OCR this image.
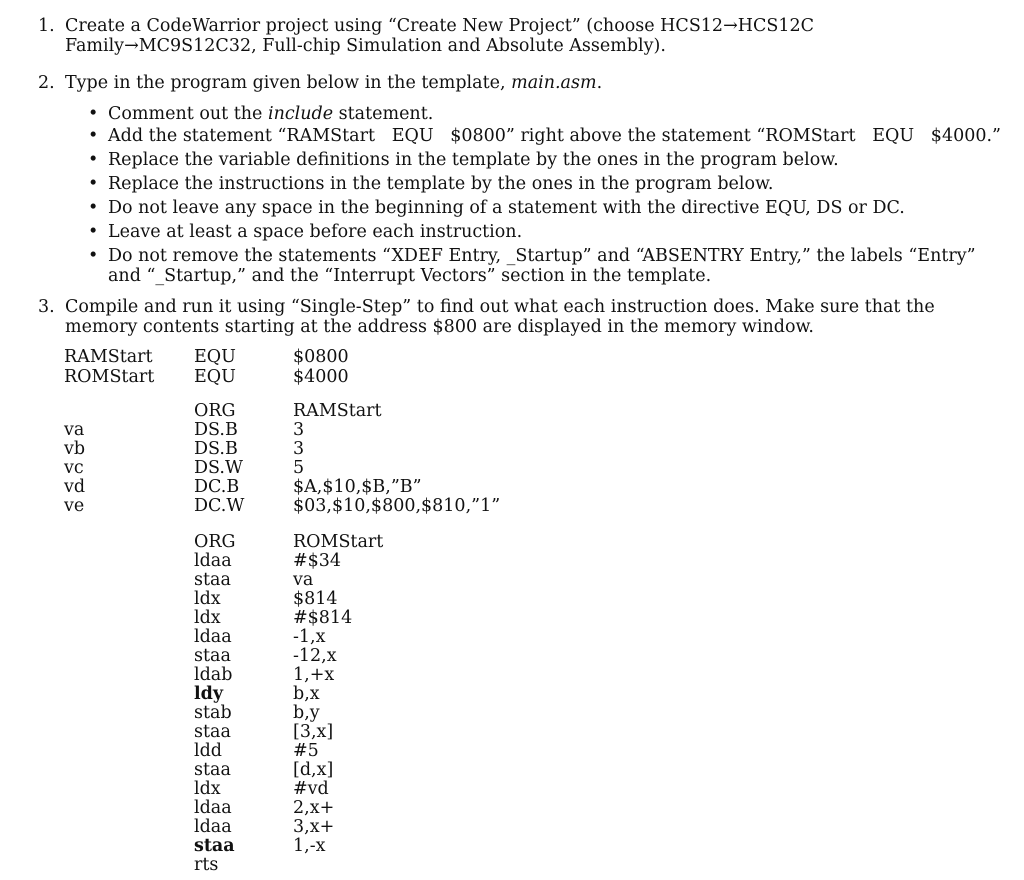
1. Create a CodeWarrior project using “Create New Project” (choose HCS12→HCS12C Family→MC9S12C32, Full-chip Simulation and Absolute Assembly).
2. Type in the program given below in the template, main.asm.
• Comment out the include statement.
• Add the statement “RAMStart   EQU   $0800” right above the statement “ROMStart   EQU   $4000.”
• Replace the variable definitions in the template by the ones in the program below.
• Replace the instructions in the template by the ones in the program below.
• Do not leave any space in the beginning of a statement with the directive EQU, DS or DC.
• Leave at least a space before each instruction.
• Do not remove the statements “XDEF Entry, _Startup” and “ABSENTRY Entry,” the labels “Entry” and “_Startup,” and the “Interrupt Vectors” section in the template.
3. Compile and run it using “Single-Step” to find out what each instruction does. Make sure that the memory contents starting at the address $800 are displayed in the memory window.
RAMStart EQU	$0800
ROMStart EQU	$4000
ORG	RAMStart
va	DS.B	3
vb	DS.B	3
vc	DS.W	5
vd	DC.B	$A,$10,$B,”B”
ve	DC.W	$03,$10,$800,$810,”1”
ORG	ROMStart
ldaa	#$34
staa	va
ldx	$814
ldx	#$814
ldaa	-1,x
staa	-12,x
ldab	1,+x
ldy	b,x
stab	b,y
staa	[3,x]
ldd	#5
staa	[d,x]
ldx	#vd
ldaa	2,x+
ldaa	3,x+
staa	1,-x
rts
